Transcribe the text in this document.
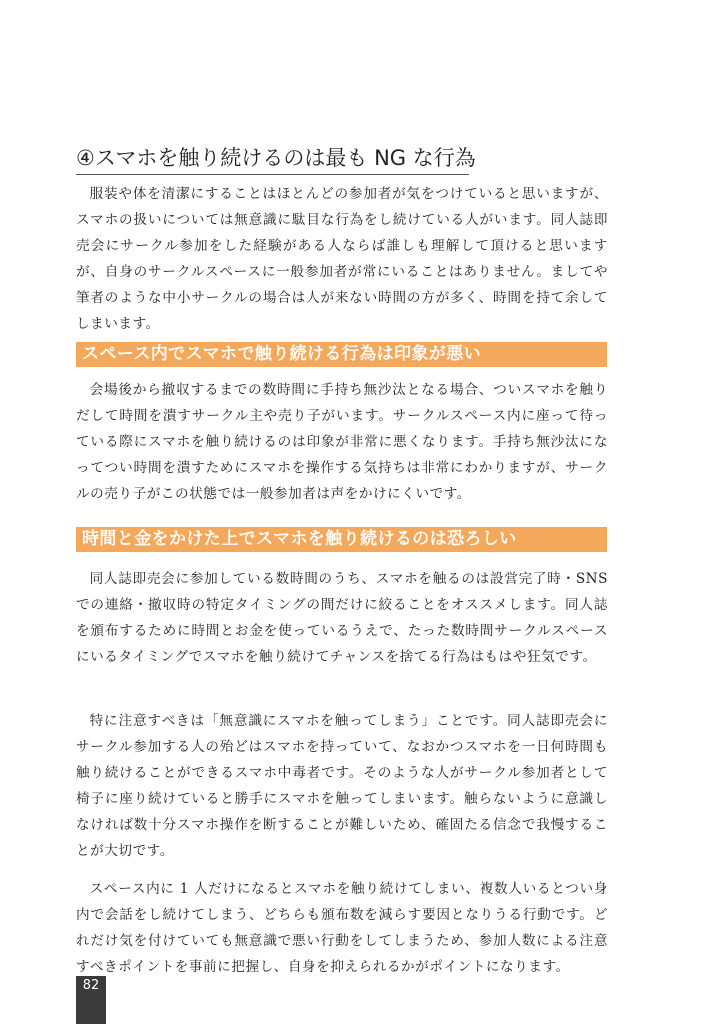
④スマホを触り続けるのは最も NG な行為

服装や体を清潔にすることはほとんどの参加者が気をつけていると思いますが、スマホの扱いについては無意識に駄目な行為をし続けている人がいます。同人誌即売会にサークル参加をした経験がある人ならば誰しも理解して頂けると思いますが、自身のサークルスペースに一般参加者が常にいることはありません。ましてや筆者のような中小サークルの場合は人が来ない時間の方が多く、時間を持て余してしまいます。

スペース内でスマホで触り続ける行為は印象が悪い

会場後から撤収するまでの数時間に手持ち無沙汰となる場合、ついスマホを触りだして時間を潰すサークル主や売り子がいます。サークルスペース内に座って待っている際にスマホを触り続けるのは印象が非常に悪くなります。手持ち無沙汰になってつい時間を潰すためにスマホを操作する気持ちは非常にわかりますが、サークルの売り子がこの状態では一般参加者は声をかけにくいです。

時間と金をかけた上でスマホを触り続けるのは恐ろしい

同人誌即売会に参加している数時間のうち、スマホを触るのは設営完了時・SNS での連絡・撤収時の特定タイミングの間だけに絞ることをオススメします。同人誌を頒布するために時間とお金を使っているうえで、たった数時間サークルスペースにいるタイミングでスマホを触り続けてチャンスを捨てる行為はもはや狂気です。

特に注意すべきは「無意識にスマホを触ってしまう」ことです。同人誌即売会にサークル参加する人の殆どはスマホを持っていて、なおかつスマホを一日何時間も触り続けることができるスマホ中毒者です。そのような人がサークル参加者として椅子に座り続けていると勝手にスマホを触ってしまいます。触らないように意識しなければ数十分スマホ操作を断することが難しいため、確固たる信念で我慢することが大切です。

スペース内に 1 人だけになるとスマホを触り続けてしまい、複数人いるとつい身内で会話をし続けてしまう、どちらも頒布数を減らす要因となりうる行動です。どれだけ気を付けていても無意識で悪い行動をしてしまうため、参加人数による注意すべきポイントを事前に把握し、自身を抑えられるかがポイントになります。

82
